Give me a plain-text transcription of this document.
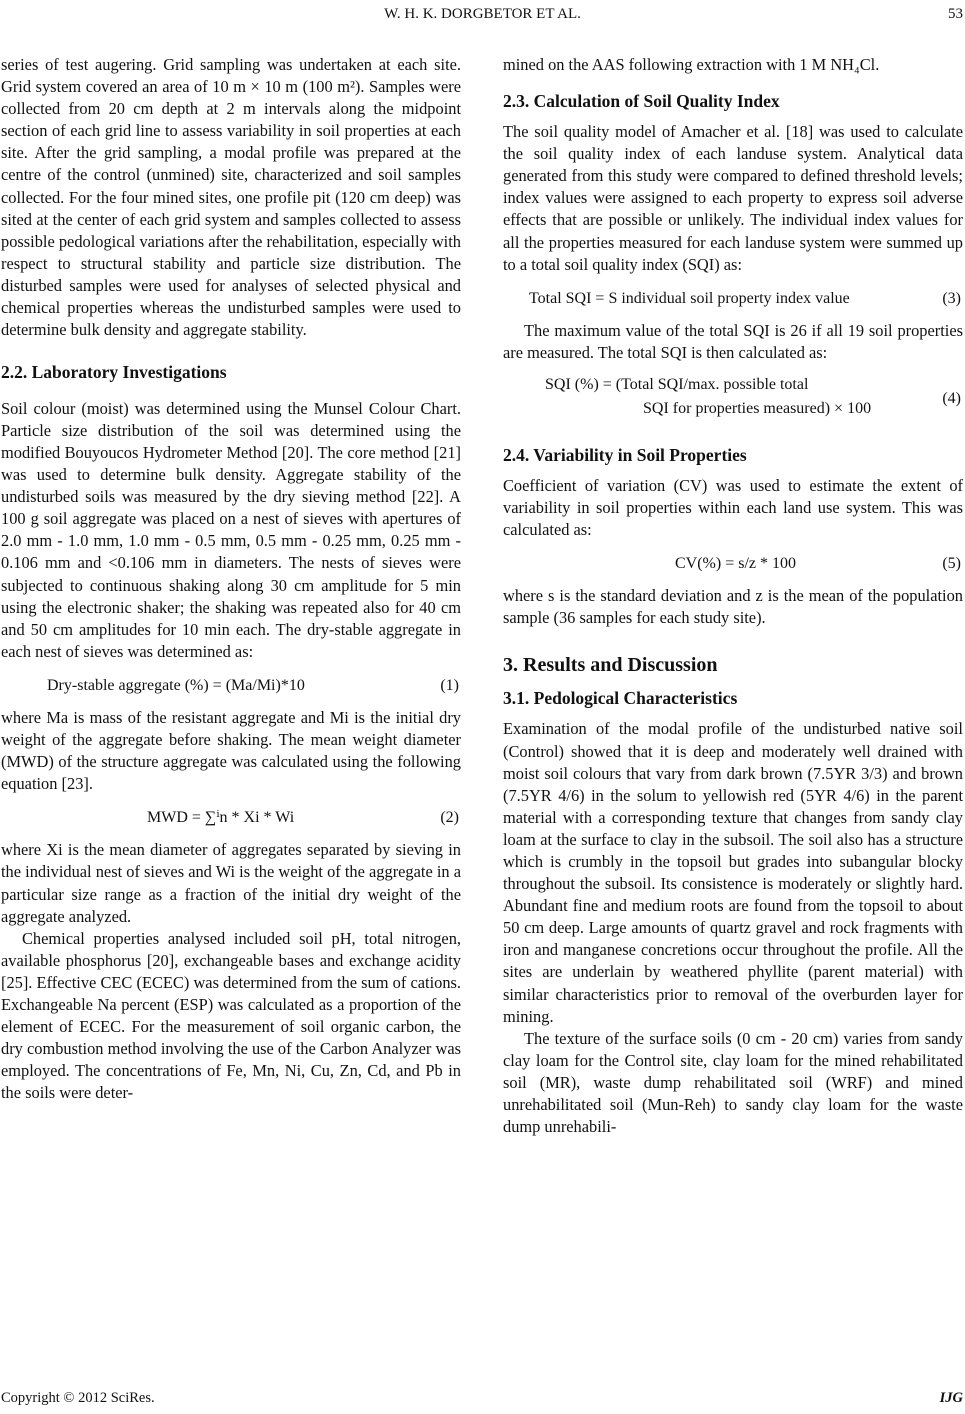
W. H. K. DORGBETOR ET AL.	53

series of test augering. Grid sampling was undertaken at each site. Grid system covered an area of 10 m × 10 m (100 m²). Samples were collected from 20 cm depth at 2 m intervals along the midpoint section of each grid line to assess variability in soil properties at each site. After the grid sampling, a modal profile was prepared at the centre of the control (unmined) site, characterized and soil samples collected. For the four mined sites, one profile pit (120 cm deep) was sited at the center of each grid system and samples collected to assess possible pedological variations after the rehabilitation, especially with respect to structural stability and particle size distribution. The disturbed samples were used for analyses of selected physical and chemical properties whereas the undisturbed samples were used to determine bulk density and aggregate stability.

2.2. Laboratory Investigations

Soil colour (moist) was determined using the Munsel Colour Chart. Particle size distribution of the soil was determined using the modified Bouyoucos Hydrometer Method [20]. The core method [21] was used to determine bulk density. Aggregate stability of the undisturbed soils was measured by the dry sieving method [22]. A 100 g soil aggregate was placed on a nest of sieves with apertures of 2.0 mm - 1.0 mm, 1.0 mm - 0.5 mm, 0.5 mm - 0.25 mm, 0.25 mm - 0.106 mm and <0.106 mm in diameters. The nests of sieves were subjected to continuous shaking along 30 cm amplitude for 5 min using the electronic shaker; the shaking was repeated also for 40 cm and 50 cm amplitudes for 10 min each. The dry-stable aggregate in each nest of sieves was determined as:

Dry-stable aggregate (%) = (Ma/Mi)*10	(1)

where Ma is mass of the resistant aggregate and Mi is the initial dry weight of the aggregate before shaking. The mean weight diameter (MWD) of the structure aggregate was calculated using the following equation [23].

MWD = ∑ⁱn * Xi * Wi	(2)

where Xi is the mean diameter of aggregates separated by sieving in the individual nest of sieves and Wi is the weight of the aggregate in a particular size range as a fraction of the initial dry weight of the aggregate analyzed.

Chemical properties analysed included soil pH, total nitrogen, available phosphorus [20], exchangeable bases and exchange acidity [25]. Effective CEC (ECEC) was determined from the sum of cations. Exchangeable Na percent (ESP) was calculated as a proportion of the element of ECEC. For the measurement of soil organic carbon, the dry combustion method involving the use of the Carbon Analyzer was employed. The concentrations of Fe, Mn, Ni, Cu, Zn, Cd, and Pb in the soils were deter-

mined on the AAS following extraction with 1 M NH₄Cl.

2.3. Calculation of Soil Quality Index

The soil quality model of Amacher et al. [18] was used to calculate the soil quality index of each landuse system. Analytical data generated from this study were compared to defined threshold levels; index values were assigned to each property to express soil adverse effects that are possible or unlikely. The individual index values for all the properties measured for each landuse system were summed up to a total soil quality index (SQI) as:

Total SQI = S individual soil property index value	(3)

The maximum value of the total SQI is 26 if all 19 soil properties are measured. The total SQI is then calculated as:

SQI (%) = (Total SQI/max. possible total
SQI for properties measured) × 100
(4)
2.4. Variability in Soil Properties

Coefficient of variation (CV) was used to estimate the extent of variability in soil properties within each land use system. This was calculated as:

CV(%) = s/z * 100	(5)

where s is the standard deviation and z is the mean of the population sample (36 samples for each study site).

3. Results and Discussion
3.1. Pedological Characteristics

Examination of the modal profile of the undisturbed native soil (Control) showed that it is deep and moderately well drained with moist soil colours that vary from dark brown (7.5YR 3/3) and brown (7.5YR 4/6) in the solum to yellowish red (5YR 4/6) in the parent material with a corresponding texture that changes from sandy clay loam at the surface to clay in the subsoil. The soil also has a structure which is crumbly in the topsoil but grades into subangular blocky throughout the subsoil. Its consistence is moderately or slightly hard. Abundant fine and medium roots are found from the topsoil to about 50 cm deep. Large amounts of quartz gravel and rock fragments with iron and manganese concretions occur throughout the profile. All the sites are underlain by weathered phyllite (parent material) with similar characteristics prior to removal of the overburden layer for mining.

The texture of the surface soils (0 cm - 20 cm) varies from sandy clay loam for the Control site, clay loam for the mined rehabilitated soil (MR), waste dump rehabilitated soil (WRF) and mined unrehabilitated soil (Mun-Reh) to sandy clay loam for the waste dump unrehabili-

Copyright © 2012 SciRes.	IJG
